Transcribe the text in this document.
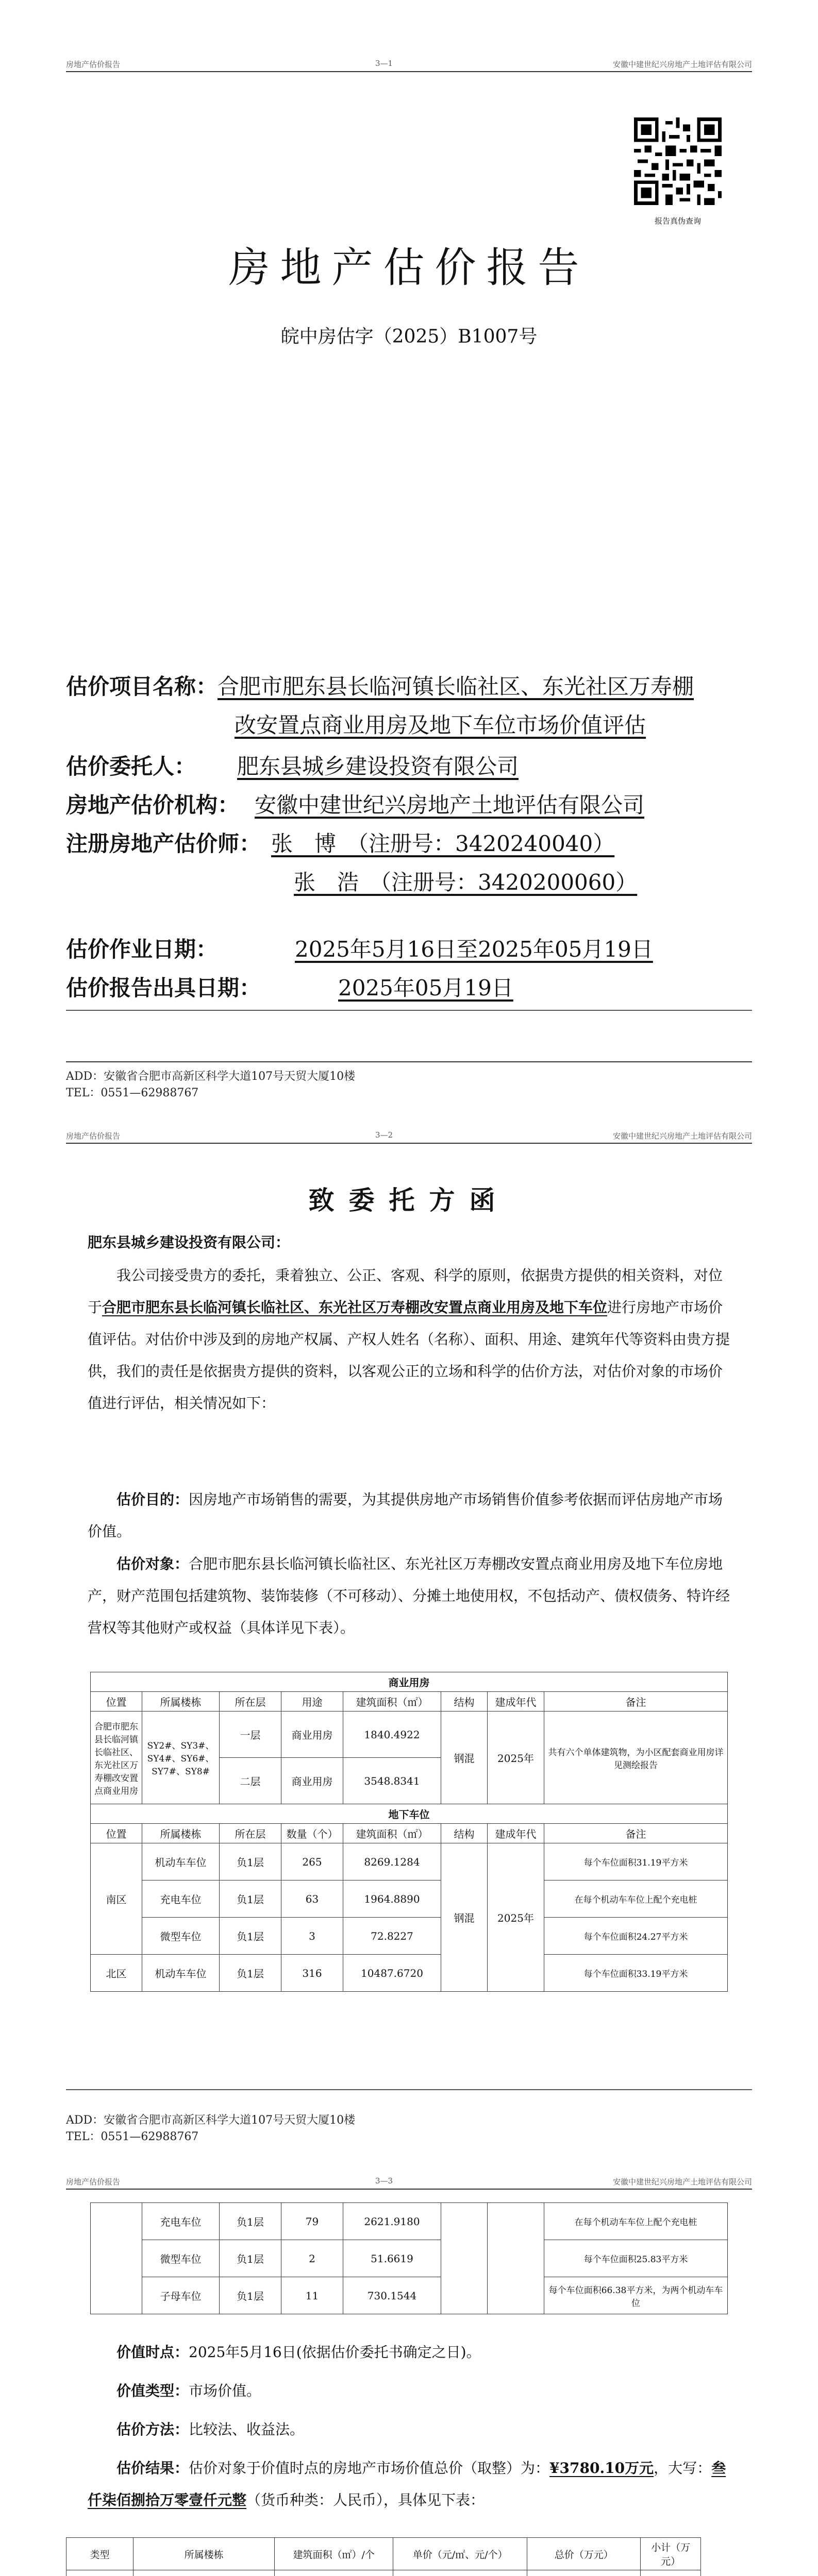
房地产估价报告	3—1	安徽中建世纪兴房地产土地评估有限公司
报告真伪查询
房地产估价报告
皖中房估字（2025）B1007号
估价项目名称：合肥市肥东县长临河镇长临社区、东光社区万寿棚
改安置点商业用房及地下车位市场价值评估
估价委托人： 肥东县城乡建设投资有限公司
房地产估价机构： 安徽中建世纪兴房地产土地评估有限公司
注册房地产估价师： 张　博　（注册号：3420240040）
张　浩　（注册号：3420200060）
估价作业日期：	2025年5月16日至2025年05月19日
估价报告出具日期：	2025年05月19日
ADD：安徽省合肥市高新区科学大道107号天贸大厦10楼
TEL：0551—62988767
房地产估价报告	3—2	安徽中建世纪兴房地产土地评估有限公司
致委托方函
肥东县城乡建设投资有限公司：
我公司接受贵方的委托，秉着独立、公正、客观、科学的原则，依据贵方提供的相关资料，对位于合肥市肥东县长临河镇长临社区、东光社区万寿棚改安置点商业用房及地下车位进行房地产市场价值评估。对估价中涉及到的房地产权属、产权人姓名（名称）、面积、用途、建筑年代等资料由贵方提供，我们的责任是依据贵方提供的资料，以客观公正的立场和科学的估价方法，对估价对象的市场价值进行评估，相关情况如下：
估价目的：因房地产市场销售的需要，为其提供房地产市场销售价值参考依据而评估房地产市场价值。
估价对象：合肥市肥东县长临河镇长临社区、东光社区万寿棚改安置点商业用房及地下车位房地产，财产范围包括建筑物、装饰装修（不可移动）、分摊土地使用权，不包括动产、债权债务、特许经营权等其他财产或权益（具体详见下表）。
商业用房							
位置	所属楼栋	所在层	用途	建筑面积（㎡）	结构	建成年代	备注
合肥市肥东县长临河镇长临社区、东光社区万寿棚改安置点商业用房	SY2#、SY3#、SY4#、SY6#、SY7#、SY8#	一层	商业用房	1840.4922	钢混	2025年	共有六个单体建筑物，为小区配套商业用房详见测绘报告
		二层	商业用房	3548.8341			
地下车位							
位置	所属楼栋	所在层	数量（个）	建筑面积（㎡）	结构	建成年代	备注
南区	机动车车位	负1层	265	8269.1284	钢混	2025年	每个车位面积31.19平方米
	充电车位	负1层	63	1964.8890			在每个机动车车位上配个充电桩
	微型车位	负1层	3	72.8227			每个车位面积24.27平方米
北区	机动车车位	负1层	316	10487.6720			每个车位面积33.19平方米
ADD：安徽省合肥市高新区科学大道107号天贸大厦10楼
TEL：0551—62988767
房地产估价报告	3—3	安徽中建世纪兴房地产土地评估有限公司
	充电车位	负1层	79	2621.9180			在每个机动车车位上配个充电桩
	微型车位	负1层	2	51.6619			每个车位面积25.83平方米
	子母车位	负1层	11	730.1544			每个车位面积66.38平方米，为两个机动车车位
价值时点：2025年5月16日(依据估价委托书确定之日)。
价值类型：市场价值。
估价方法：比较法、收益法。
估价结果：估价对象于价值时点的房地产市场价值总价（取整）为：¥3780.10万元，大写：叁仟柒佰捌拾万零壹仟元整（货币种类：人民币），具体见下表：
类型	所属楼栋		建筑面积（㎡）/个	单价（元/㎡、元/个）	总价（万元）	小计（万元）	
